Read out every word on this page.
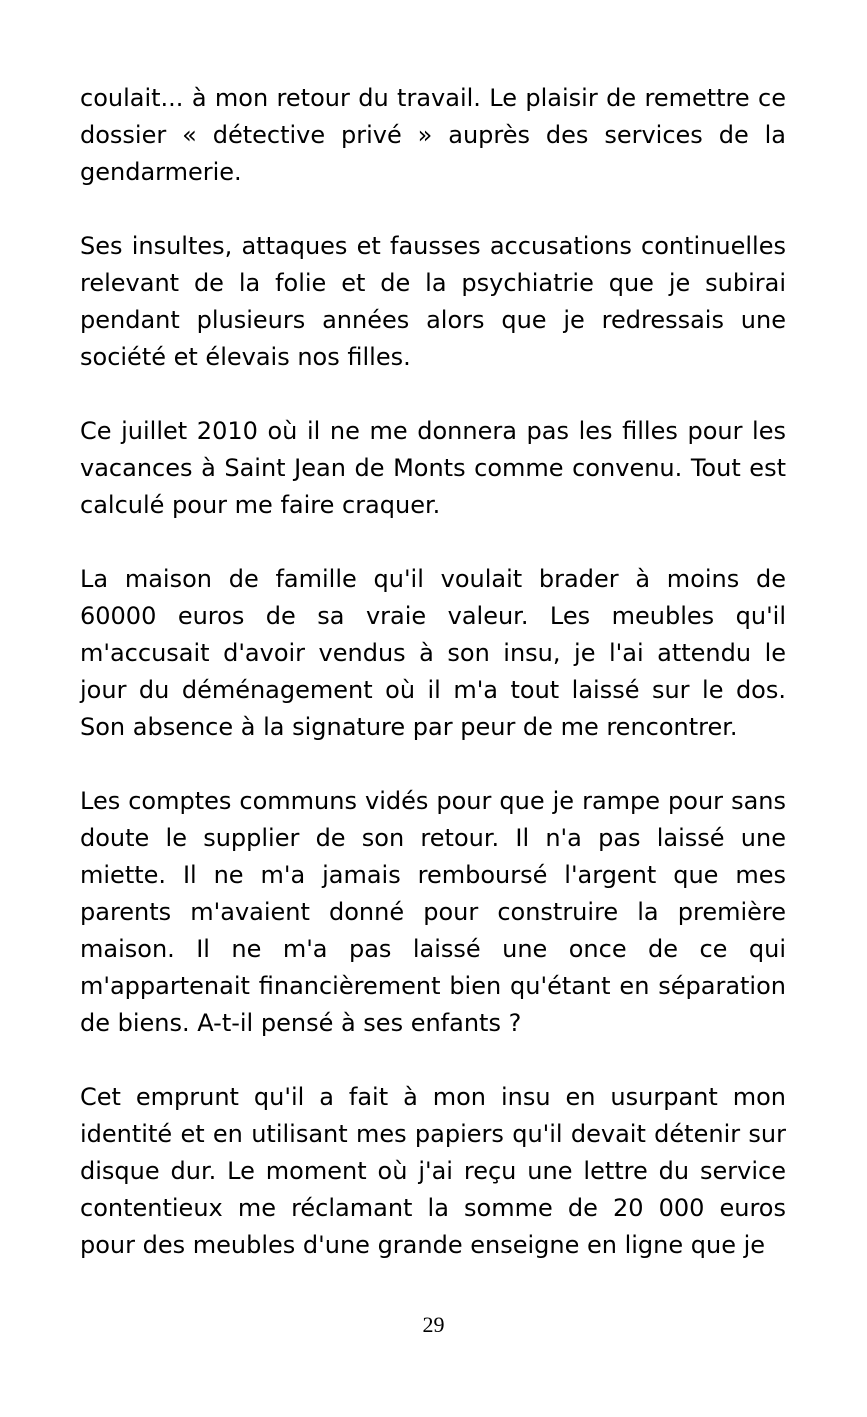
coulait... à mon retour du travail. Le plaisir de remettre ce dossier « détective privé » auprès des services de la gendarmerie.

Ses insultes, attaques et fausses accusations continuelles relevant de la folie et de la psychiatrie que je subirai pendant plusieurs années alors que je redressais une société et élevais nos filles.

Ce juillet 2010 où il ne me donnera pas les filles pour les vacances à Saint Jean de Monts comme convenu. Tout est calculé pour me faire craquer.

La maison de famille qu'il voulait brader à moins de 60000 euros de sa vraie valeur. Les meubles qu'il m'accusait d'avoir vendus à son insu, je l'ai attendu le jour du déménagement où il m'a tout laissé sur le dos. Son absence à la signature par peur de me rencontrer.

Les comptes communs vidés pour que je rampe pour sans doute le supplier de son retour. Il n'a pas laissé une miette. Il ne m'a jamais remboursé l'argent que mes parents m'avaient donné pour construire la première maison. Il ne m'a pas laissé une once de ce qui m'appartenait financièrement bien qu'étant en séparation de biens. A-t-il pensé à ses enfants ?

Cet emprunt qu'il a fait à mon insu en usurpant mon identité et en utilisant mes papiers qu'il devait détenir sur disque dur. Le moment où j'ai reçu une lettre du service contentieux me réclamant la somme de 20 000 euros pour des meubles d'une grande enseigne en ligne que je

29
